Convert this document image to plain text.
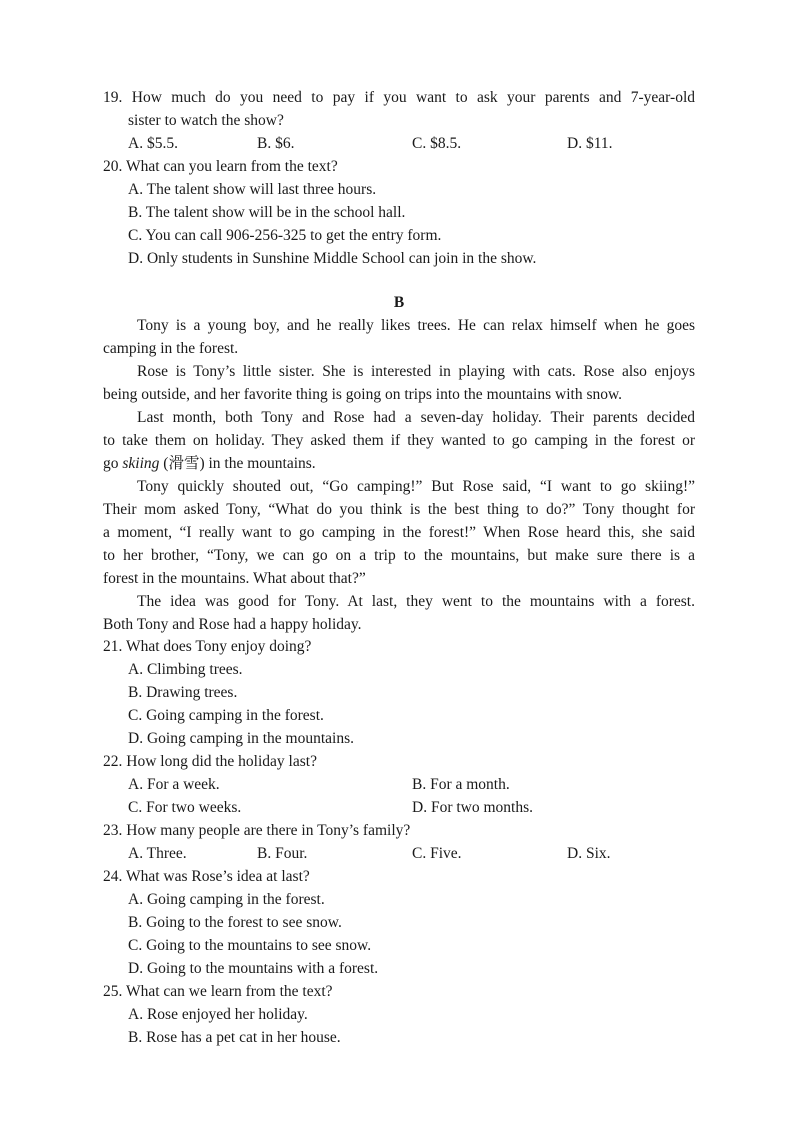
19. How much do you need to pay if you want to ask your parents and 7-year-old
sister to watch the show?
A. $5.5.	B. $6.	C. $8.5.	D. $11.
20. What can you learn from the text?
A. The talent show will last three hours.
B. The talent show will be in the school hall.
C. You can call 906-256-325 to get the entry form.
D. Only students in Sunshine Middle School can join in the show.
B
Tony is a young boy, and he really likes trees. He can relax himself when he goes
camping in the forest.
Rose is Tony’s little sister. She is interested in playing with cats. Rose also enjoys
being outside, and her favorite thing is going on trips into the mountains with snow.
Last month, both Tony and Rose had a seven-day holiday. Their parents decided
to take them on holiday. They asked them if they wanted to go camping in the forest or
go skiing (滑雪) in the mountains.
Tony quickly shouted out, “Go camping!” But Rose said, “I want to go skiing!”
Their mom asked Tony, “What do you think is the best thing to do?” Tony thought for
a moment, “I really want to go camping in the forest!” When Rose heard this, she said
to her brother, “Tony, we can go on a trip to the mountains, but make sure there is a
forest in the mountains. What about that?”
The idea was good for Tony. At last, they went to the mountains with a forest.
Both Tony and Rose had a happy holiday.
21. What does Tony enjoy doing?
A. Climbing trees.
B. Drawing trees.
C. Going camping in the forest.
D. Going camping in the mountains.
22. How long did the holiday last?
A. For a week.	B. For a month.
C. For two weeks.	D. For two months.
23. How many people are there in Tony’s family?
A. Three.	B. Four.	C. Five.	D. Six.
24. What was Rose’s idea at last?
A. Going camping in the forest.
B. Going to the forest to see snow.
C. Going to the mountains to see snow.
D. Going to the mountains with a forest.
25. What can we learn from the text?
A. Rose enjoyed her holiday.
B. Rose has a pet cat in her house.
